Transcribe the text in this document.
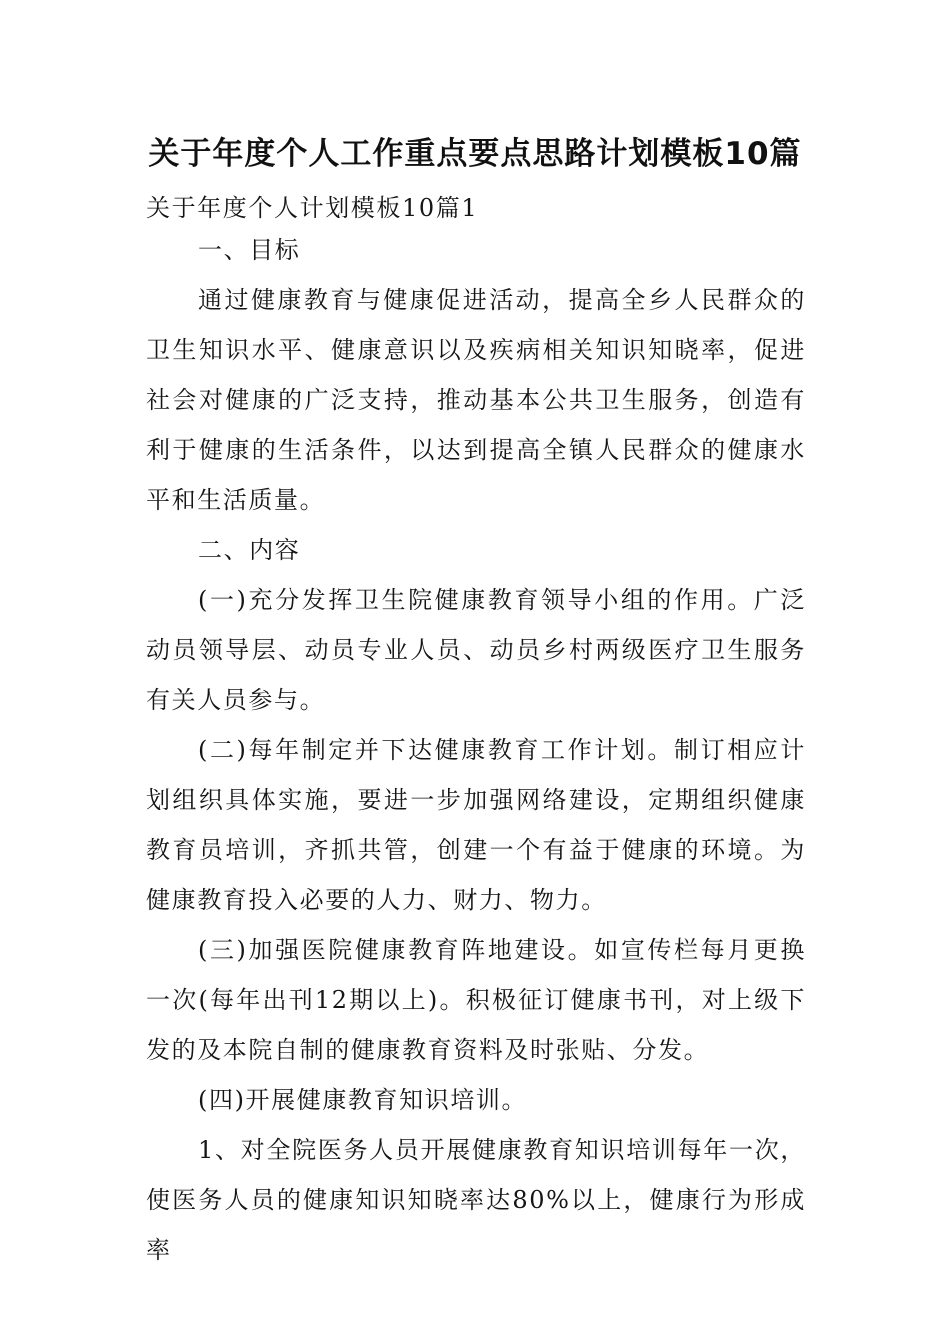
关于年度个人工作重点要点思路计划模板10篇
关于年度个人计划模板10篇1
一、目标
通过健康教育与健康促进活动，提高全乡人民群众的卫生知识水平、健康意识以及疾病相关知识知晓率，促进社会对健康的广泛支持，推动基本公共卫生服务，创造有利于健康的生活条件，以达到提高全镇人民群众的健康水平和生活质量。
二、内容
(一)充分发挥卫生院健康教育领导小组的作用。广泛动员领导层、动员专业人员、动员乡村两级医疗卫生服务有关人员参与。
(二)每年制定并下达健康教育工作计划。制订相应计划组织具体实施，要进一步加强网络建设，定期组织健康教育员培训，齐抓共管，创建一个有益于健康的环境。为健康教育投入必要的人力、财力、物力。
(三)加强医院健康教育阵地建设。如宣传栏每月更换一次(每年出刊12期以上)。积极征订健康书刊，对上级下发的及本院自制的健康教育资料及时张贴、分发。
(四)开展健康教育知识培训。
1、对全院医务人员开展健康教育知识培训每年一次，使医务人员的健康知识知晓率达80%以上，健康行为形成率
